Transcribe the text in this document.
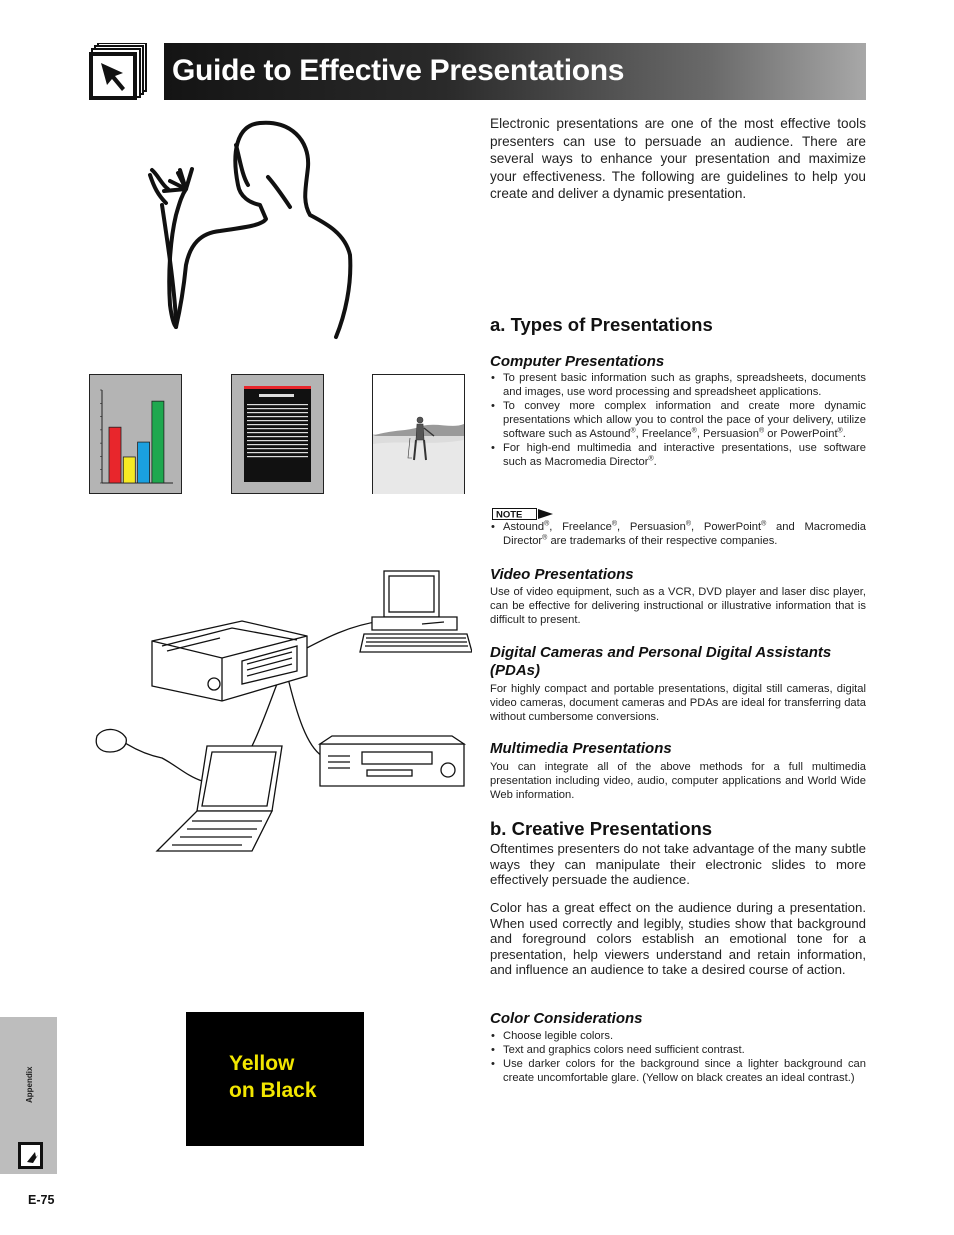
Guide to Effective Presentations
Electronic presentations are one of the most effective tools presenters can use to persuade an audience. There are several ways to enhance your presentation and maximize your effectiveness. The following are guidelines to help you create and deliver a dynamic presentation.
a. Types of Presentations
Computer Presentations
• To present basic information such as graphs, spreadsheets, documents and images, use word processing and spreadsheet applications.
• To convey more complex information and create more dynamic presentations which allow you to control the pace of your delivery, utilize software such as Astound®, Freelance®, Persuasion® or PowerPoint®.
• For high-end multimedia and interactive presentations, use software such as Macromedia Director®.
NOTE
• Astound®, Freelance®, Persuasion®, PowerPoint® and Macromedia Director® are trademarks of their respective companies.
Video Presentations
Use of video equipment, such as a VCR, DVD player and laser disc player, can be effective for delivering instructional or illustrative information that is difficult to present.
Digital Cameras and Personal Digital Assistants (PDAs)
For highly compact and portable presentations, digital still cameras, digital video cameras, document cameras and PDAs are ideal for transferring data without cumbersome conversions.
Multimedia Presentations
You can integrate all of the above methods for a full multimedia presentation including video, audio, computer applications and World Wide Web information.
b. Creative Presentations
Oftentimes presenters do not take advantage of the many subtle ways they can manipulate their electronic slides to more effectively persuade the audience.
Color has a great effect on the audience during a presentation. When used correctly and legibly, studies show that background and foreground colors establish an emotional tone for a presentation, help viewers understand and retain information, and influence an audience to take a desired course of action.
Color Considerations
• Choose legible colors.
• Text and graphics colors need sufficient contrast.
• Use darker colors for the background since a lighter background can create uncomfortable glare. (Yellow on black creates an ideal contrast.)
Yellow
on Black
Appendix
E-75
